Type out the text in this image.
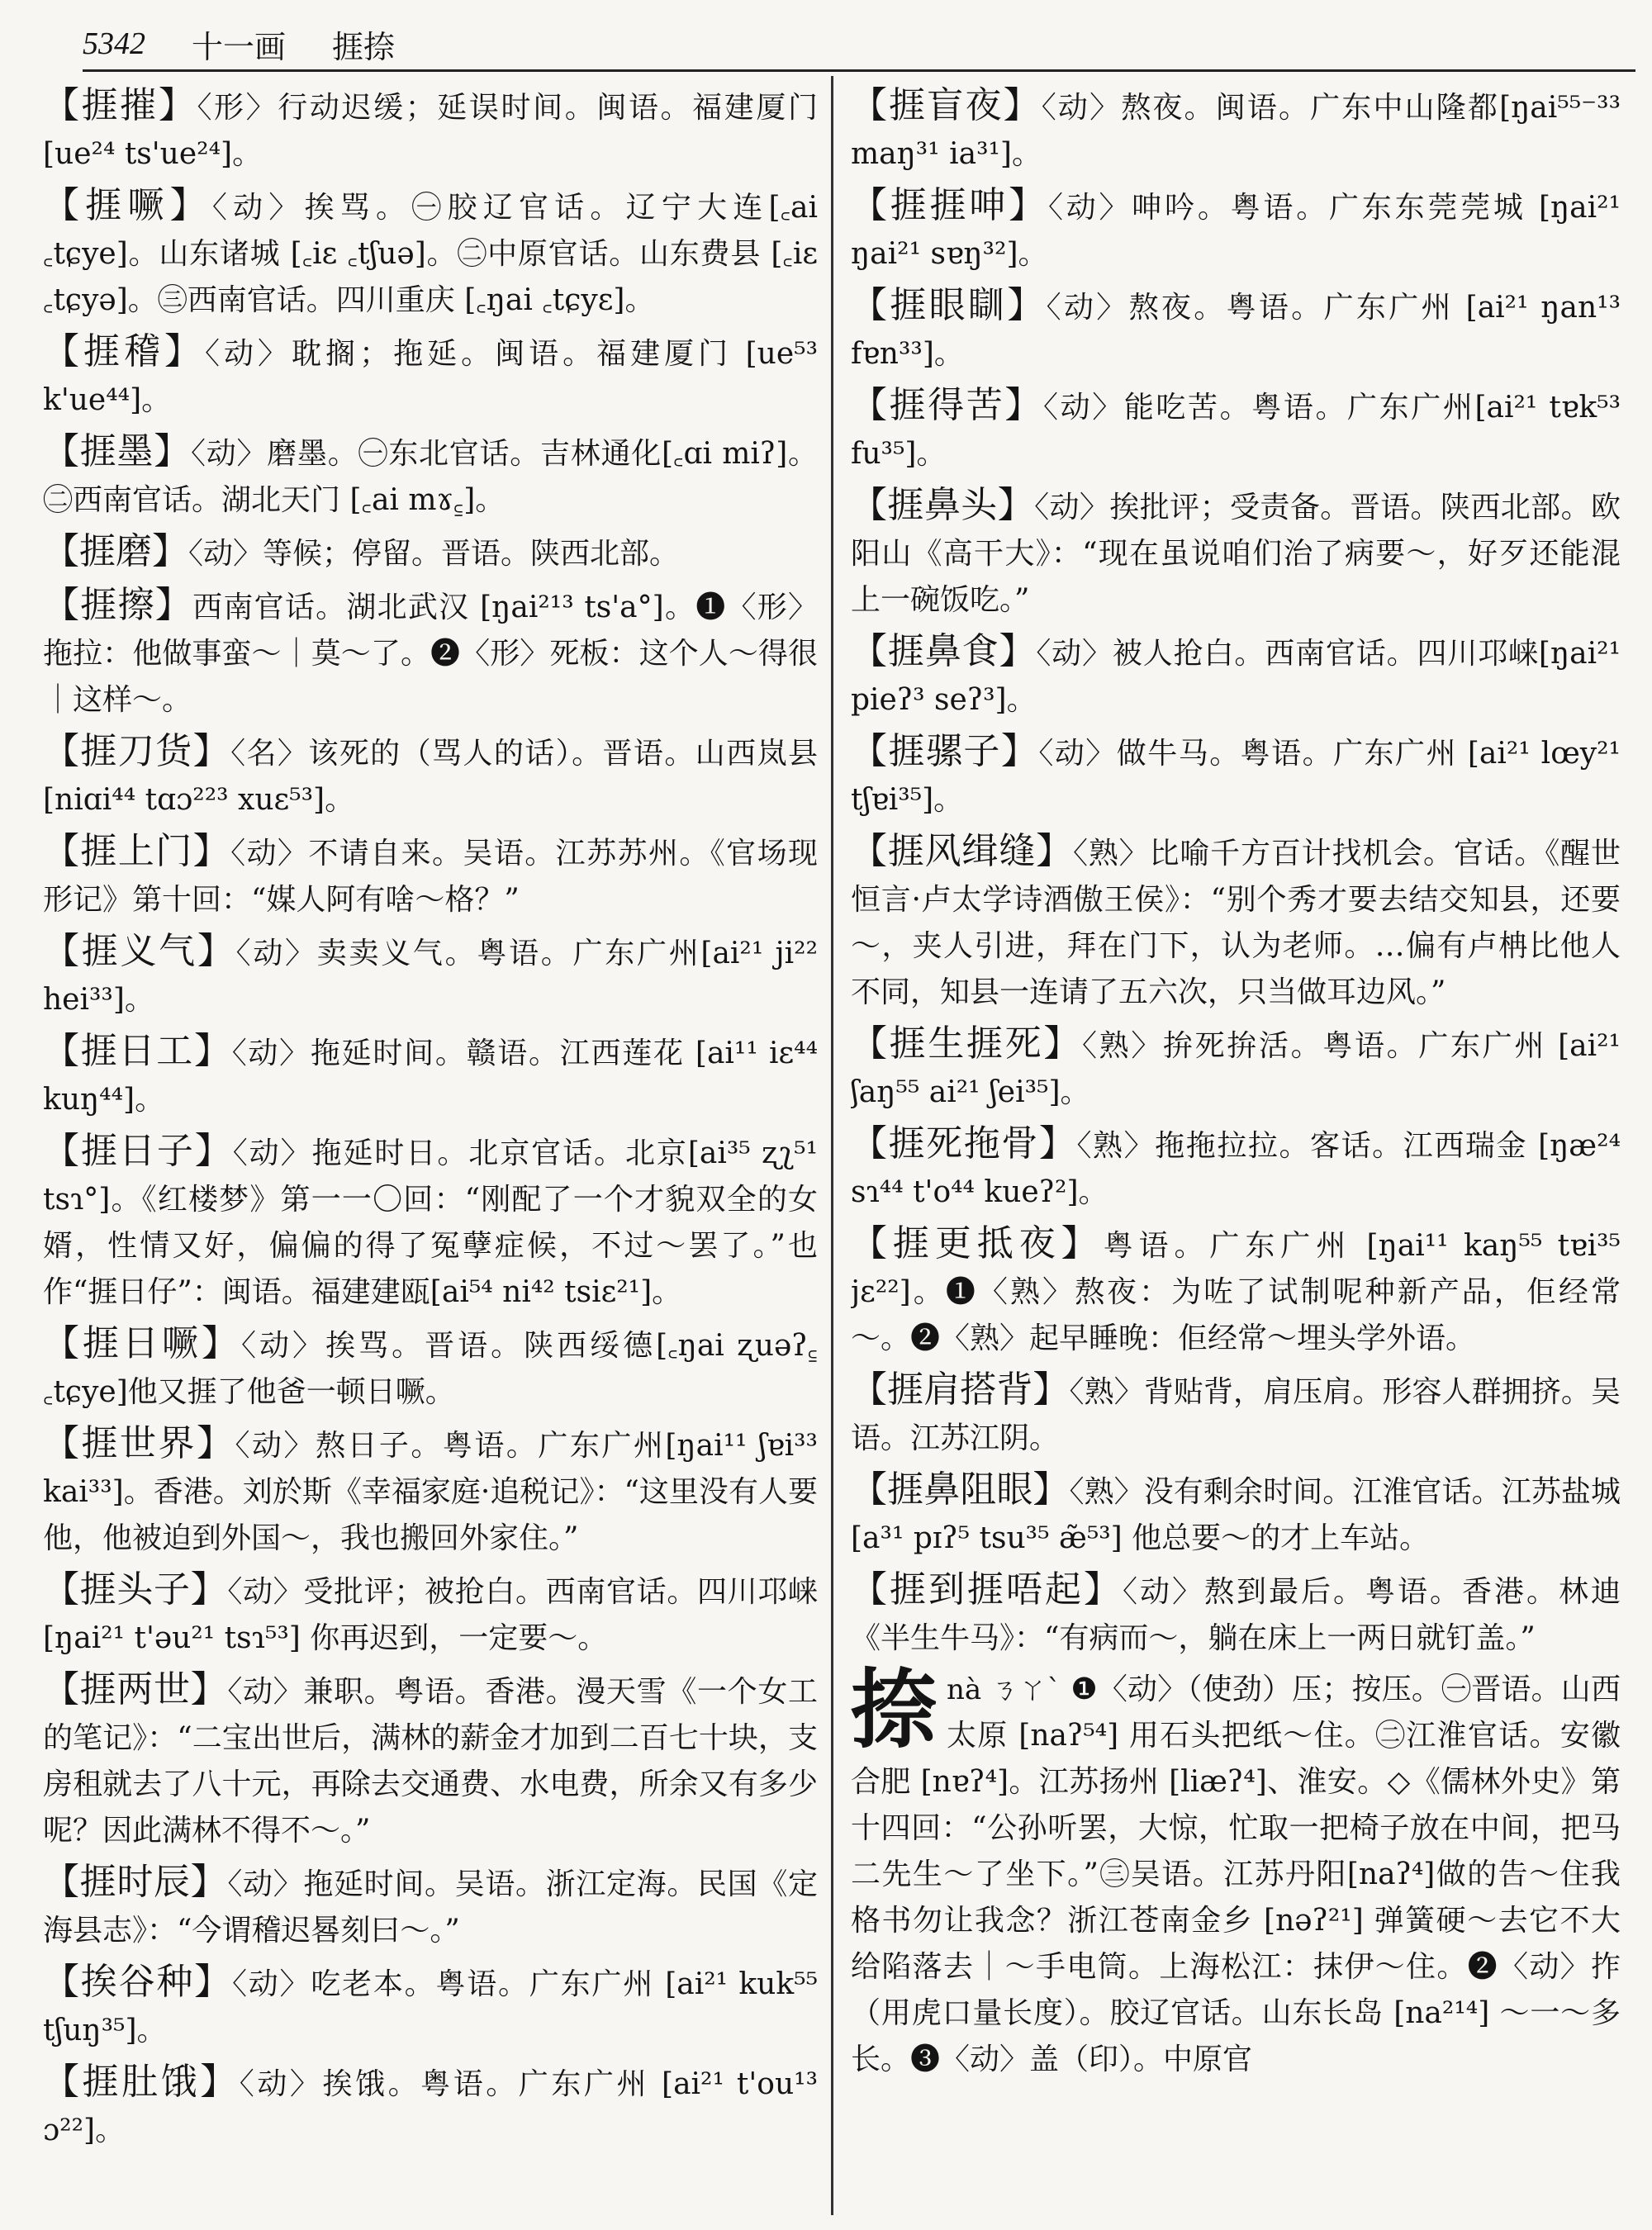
5342 十一画 捱捺

【捱摧】〈形〉行动迟缓；延误时间。闽语。福建厦门 [ue²⁴ ts'ue²⁴]。

【捱噘】〈动〉挨骂。㊀胶辽官话。辽宁大连[꜀ai ꜀tɕye]。山东诸城 [꜀iɛ ꜀tʃuə]。㊁中原官话。山东费县 [꜀iɛ ꜀tɕyə]。㊂西南官话。四川重庆 [꜀ŋai ꜀tɕyɛ]。

【捱稽】〈动〉耽搁；拖延。闽语。福建厦门 [ue⁵³ k'ue⁴⁴]。

【捱墨】〈动〉磨墨。㊀东北官话。吉林通化[꜀ɑi miʔ]。㊁西南官话。湖北天门 [꜀ai mɤ꜁]。

【捱磨】〈动〉等候；停留。晋语。陕西北部。

【捱擦】西南官话。湖北武汉 [ŋai²¹³ ts'a°]。❶〈形〉拖拉：他做事蛮～｜莫～了。❷〈形〉死板：这个人～得很｜这样～。

【捱刀货】〈名〉该死的（骂人的话）。晋语。山西岚县 [niɑi⁴⁴ tɑɔ²²³ xuɛ⁵³]。

【捱上门】〈动〉不请自来。吴语。江苏苏州。《官场现形记》第十回：“媒人阿有啥～格？”

【捱义气】〈动〉卖卖义气。粤语。广东广州[ai²¹ ji²² hei³³]。

【捱日工】〈动〉拖延时间。赣语。江西莲花 [ai¹¹ iɛ⁴⁴ kuŋ⁴⁴]。

【捱日子】〈动〉拖延时日。北京官话。北京[ai³⁵ ʐʅ⁵¹ tsɿ°]。《红楼梦》第一一〇回：“刚配了一个才貌双全的女婿，性情又好，偏偏的得了冤孽症候，不过～罢了。”也作“捱日仔”：闽语。福建建瓯[ai⁵⁴ ni⁴² tsiɛ²¹]。

【捱日噘】〈动〉挨骂。晋语。陕西绥德[꜀ŋai ʐuəʔ꜁ ꜀tɕye]他又捱了他爸一顿日噘。

【捱世界】〈动〉熬日子。粤语。广东广州[ŋai¹¹ ʃɐi³³ kai³³]。香港。刘於斯《幸福家庭·追税记》：“这里没有人要他，他被迫到外国～，我也搬回外家住。”

【捱头子】〈动〉受批评；被抢白。西南官话。四川邛崃 [ŋai²¹ t'əu²¹ tsɿ⁵³] 你再迟到，一定要～。

【捱两世】〈动〉兼职。粤语。香港。漫天雪《一个女工的笔记》：“二宝出世后，满林的薪金才加到二百七十块，支房租就去了八十元，再除去交通费、水电费，所余又有多少呢？因此满林不得不～。”

【捱时辰】〈动〉拖延时间。吴语。浙江定海。民国《定海县志》：“今谓稽迟晷刻曰～。”

【挨谷种】〈动〉吃老本。粤语。广东广州 [ai²¹ kuk⁵⁵ tʃuŋ³⁵]。

【捱肚饿】〈动〉挨饿。粤语。广东广州 [ai²¹ t'ou¹³ ɔ²²]。

【捱盲夜】〈动〉熬夜。闽语。广东中山隆都[ŋai⁵⁵⁻³³ maŋ³¹ ia³¹]。

【捱捱呻】〈动〉呻吟。粤语。广东东莞莞城 [ŋai²¹ ŋai²¹ sɐŋ³²]。

【捱眼瞓】〈动〉熬夜。粤语。广东广州 [ai²¹ ŋan¹³ fɐn³³]。

【捱得苦】〈动〉能吃苦。粤语。广东广州[ai²¹ tɐk⁵³ fu³⁵]。

【捱鼻头】〈动〉挨批评；受责备。晋语。陕西北部。欧阳山《高干大》：“现在虽说咱们治了病要～，好歹还能混上一碗饭吃。”

【捱鼻食】〈动〉被人抢白。西南官话。四川邛崃[ŋai²¹ pieʔ³ seʔ³]。

【捱骡子】〈动〉做牛马。粤语。广东广州 [ai²¹ lœy²¹ tʃɐi³⁵]。

【捱风缉缝】〈熟〉比喻千方百计找机会。官话。《醒世恒言·卢太学诗酒傲王侯》：“别个秀才要去结交知县，还要～，夹人引进，拜在门下，认为老师。…偏有卢柟比他人不同，知县一连请了五六次，只当做耳边风。”

【捱生捱死】〈熟〉拚死拚活。粤语。广东广州 [ai²¹ ʃaŋ⁵⁵ ai²¹ ʃei³⁵]。

【捱死拖骨】〈熟〉拖拖拉拉。客话。江西瑞金 [ŋæ²⁴ sɿ⁴⁴ t'o⁴⁴ kueʔ²]。

【捱更抵夜】粤语。广东广州 [ŋai¹¹ kaŋ⁵⁵ tɐi³⁵ jɛ²²]。❶〈熟〉熬夜：为咗了试制呢种新产品，佢经常～。❷〈熟〉起早睡晚：佢经常～埋头学外语。

【捱肩搭背】〈熟〉背贴背，肩压肩。形容人群拥挤。吴语。江苏江阴。

【捱鼻阻眼】〈熟〉没有剩余时间。江淮官话。江苏盐城[a³¹ pɪʔ⁵ tsu³⁵ æ̃⁵³] 他总要～的才上车站。

【捱到捱唔起】〈动〉熬到最后。粤语。香港。林迪《半生牛马》：“有病而～，躺在床上一两日就钉盖。”

捺 nà ㄋㄚˋ ❶〈动〉（使劲）压；按压。㊀晋语。山西太原 [naʔ⁵⁴] 用石头把纸～住。㊁江淮官话。安徽合肥 [nɐʔ⁴]。江苏扬州 [liæʔ⁴]、淮安。◇《儒林外史》第十四回：“公孙听罢，大惊，忙取一把椅子放在中间，把马二先生～了坐下。”㊂吴语。江苏丹阳[naʔ⁴]做的告～住我格书勿让我念？浙江苍南金乡 [nəʔ²¹] 弹簧硬～去它不大给陷落去｜～手电筒。上海松江：抹伊～住。❷〈动〉拃（用虎口量长度）。胶辽官话。山东长岛 [na²¹⁴] ～一～多长。❸〈动〉盖（印）。中原官
